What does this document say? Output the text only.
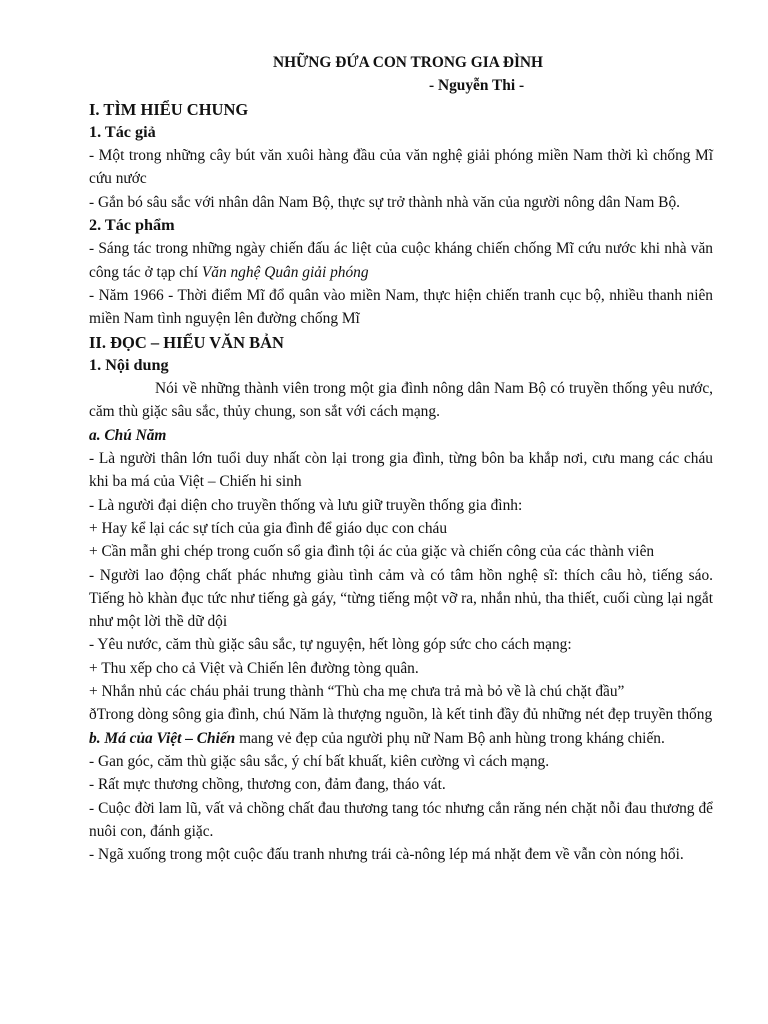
NHỮNG ĐỨA CON TRONG GIA ĐÌNH

- Nguyễn Thi -

I. TÌM HIỂU CHUNG

1. Tác giả

- Một trong những cây bút văn xuôi hàng đầu của văn nghệ giải phóng miền Nam thời kì chống Mĩ cứu nước

- Gắn bó sâu sắc với nhân dân Nam Bộ, thực sự trở thành nhà văn của người nông dân Nam Bộ.

2. Tác phẩm

- Sáng tác trong những ngày chiến đấu ác liệt của cuộc kháng chiến chống Mĩ cứu nước khi nhà văn công tác ở tạp chí Văn nghệ Quân giải phóng

- Năm 1966 - Thời điểm Mĩ đổ quân vào miền Nam, thực hiện chiến tranh cục bộ, nhiều thanh niên miền Nam tình nguyện lên đường chống Mĩ

II. ĐỌC – HIỂU VĂN BẢN

1. Nội dung

Nói về những thành viên trong một gia đình nông dân Nam Bộ có truyền thống yêu nước, căm thù giặc sâu sắc, thủy chung, son sắt với cách mạng.

a. Chú Năm

- Là người thân lớn tuổi duy nhất còn lại trong gia đình, từng bôn ba khắp nơi, cưu mang các cháu khi ba má của Việt – Chiến hi sinh

- Là người đại diện cho truyền thống và lưu giữ truyền thống gia đình:

+ Hay kể lại các sự tích của gia đình để giáo dục con cháu

+ Cần mẫn ghi chép trong cuốn sổ gia đình tội ác của giặc và chiến công của các thành viên

- Người lao động chất phác nhưng giàu tình cảm và có tâm hồn nghệ sĩ: thích câu hò, tiếng sáo. Tiếng hò khàn đục tức như tiếng gà gáy, “từng tiếng một vỡ ra, nhắn nhủ, tha thiết, cuối cùng lại ngắt như một lời thề dữ dội

- Yêu nước, căm thù giặc sâu sắc, tự nguyện, hết lòng góp sức cho cách mạng:

+ Thu xếp cho cả Việt và Chiến lên đường tòng quân.

+ Nhắn nhủ các cháu phải trung thành “Thù cha mẹ chưa trả mà bỏ về là chú chặt đầu”

ðTrong dòng sông gia đình, chú Năm là thượng nguồn, là kết tinh đầy đủ những nét đẹp truyền thống

b. Má của Việt – Chiến mang vẻ đẹp của người phụ nữ Nam Bộ anh hùng trong kháng chiến.

- Gan góc, căm thù giặc sâu sắc, ý chí bất khuất, kiên cường vì cách mạng.

- Rất mực thương chồng, thương con, đảm đang, tháo vát.

- Cuộc đời lam lũ, vất vả chồng chất đau thương tang tóc nhưng cắn răng nén chặt nỗi đau thương để nuôi con, đánh giặc.

- Ngã xuống trong một cuộc đấu tranh nhưng trái cà-nông lép má nhặt đem về vẫn còn nóng hổi.
